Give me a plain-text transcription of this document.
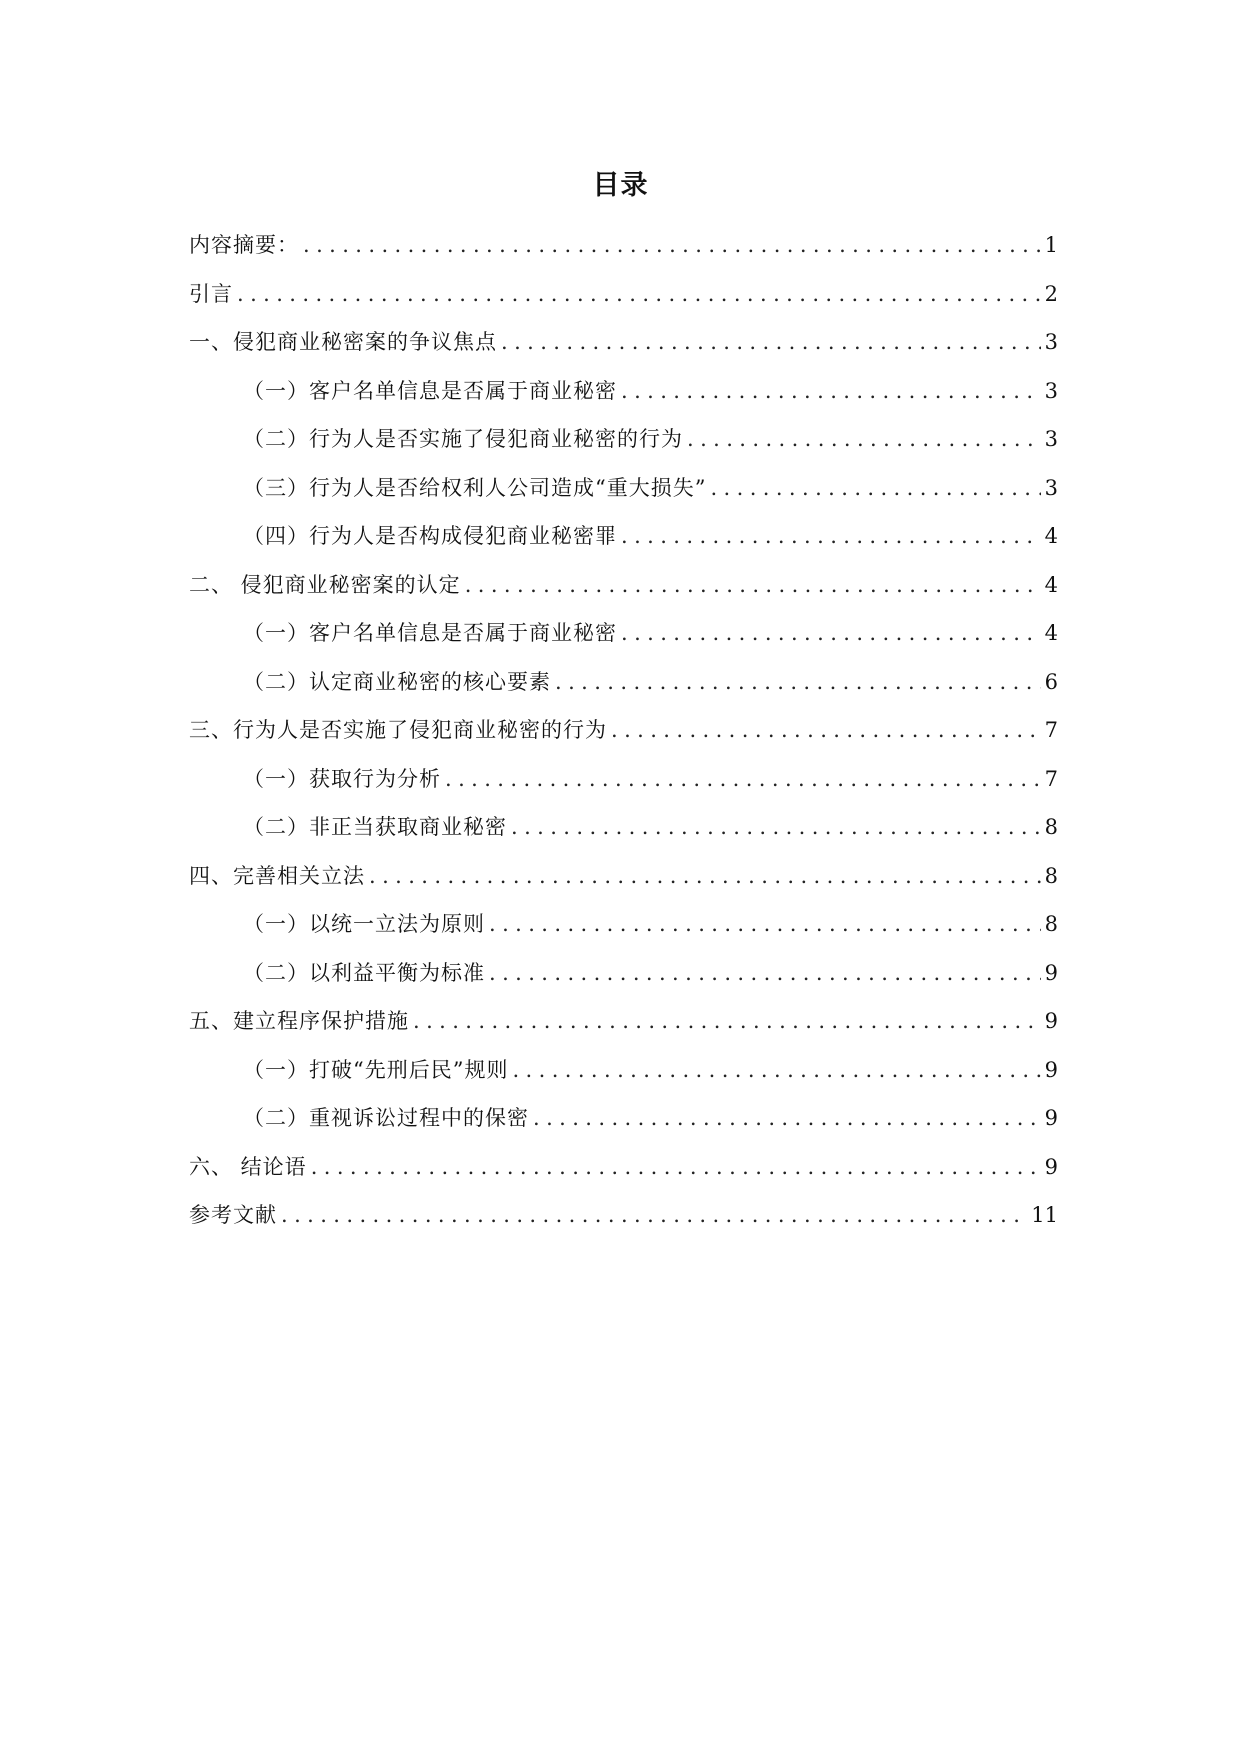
目录
内容摘要： .....	1
引言 .....	2
一、侵犯商业秘密案的争议焦点 .....	3
（一）客户名单信息是否属于商业秘密 .....	3
（二）行为人是否实施了侵犯商业秘密的行为 .....	3
（三）行为人是否给权利人公司造成“重大损失” .....	3
（四）行为人是否构成侵犯商业秘密罪 .....	4
二、 侵犯商业秘密案的认定 .....	4
（一）客户名单信息是否属于商业秘密 .....	4
（二）认定商业秘密的核心要素 .....	6
三、行为人是否实施了侵犯商业秘密的行为 .....	7
（一）获取行为分析 .....	7
（二）非正当获取商业秘密 .....	8
四、完善相关立法 .....	8
（一）以统一立法为原则 .....	8
（二）以利益平衡为标准 .....	9
五、建立程序保护措施 .....	9
（一）打破“先刑后民”规则 .....	9
（二）重视诉讼过程中的保密 .....	9
六、 结论语 .....	9
参考文献 .....	11
